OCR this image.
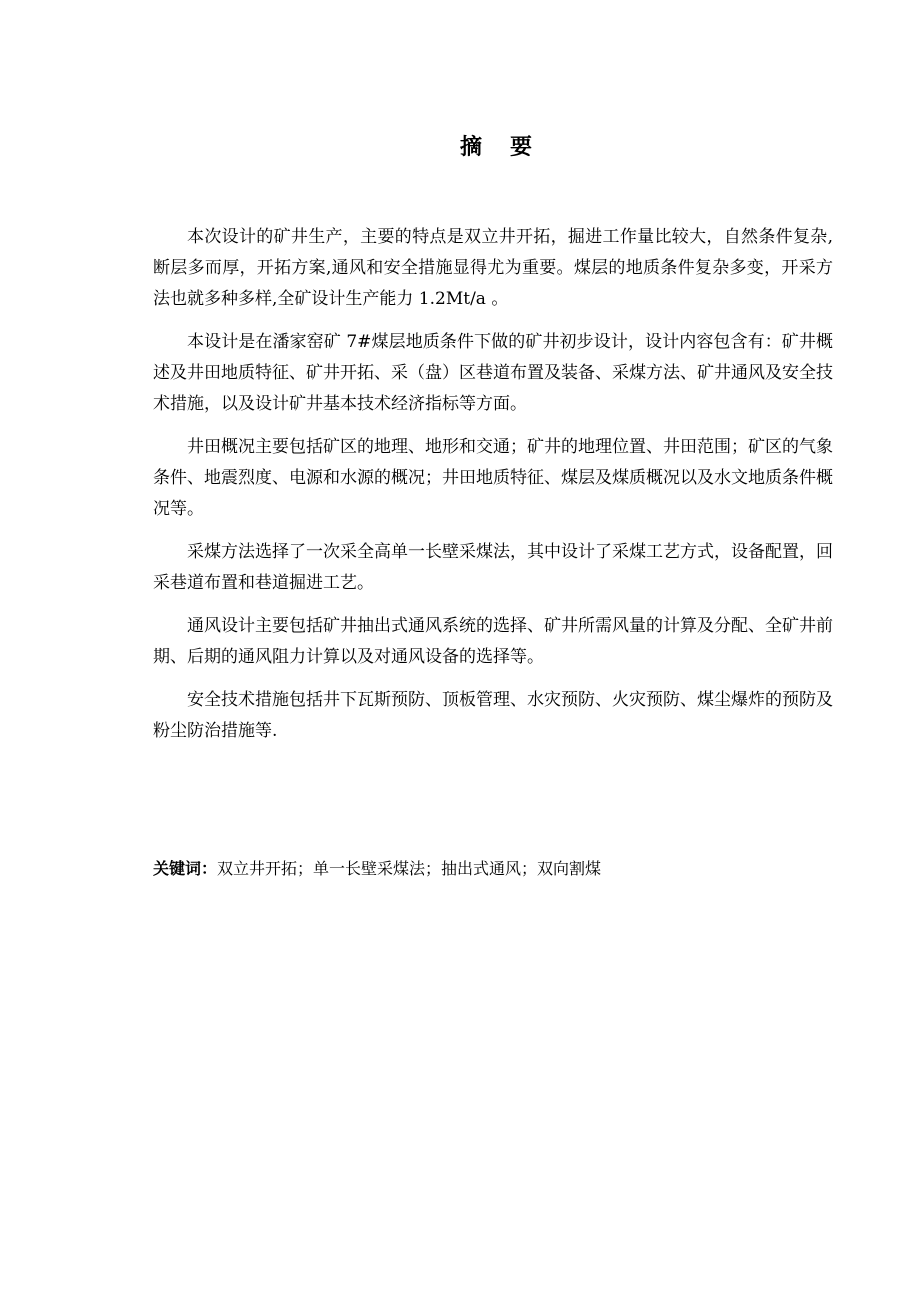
摘要

本次设计的矿井生产，主要的特点是双立井开拓，掘进工作量比较大，自然条件复杂,断层多而厚，开拓方案,通风和安全措施显得尤为重要。煤层的地质条件复杂多变，开采方法也就多种多样,全矿设计生产能力 1.2Mt/a 。

本设计是在潘家窑矿 7#煤层地质条件下做的矿井初步设计，设计内容包含有：矿井概述及井田地质特征、矿井开拓、采（盘）区巷道布置及装备、采煤方法、矿井通风及安全技术措施，以及设计矿井基本技术经济指标等方面。

井田概况主要包括矿区的地理、地形和交通；矿井的地理位置、井田范围；矿区的气象条件、地震烈度、电源和水源的概况；井田地质特征、煤层及煤质概况以及水文地质条件概况等。

采煤方法选择了一次采全高单一长壁采煤法，其中设计了采煤工艺方式，设备配置，回采巷道布置和巷道掘进工艺。

通风设计主要包括矿井抽出式通风系统的选择、矿井所需风量的计算及分配、全矿井前期、后期的通风阻力计算以及对通风设备的选择等。

安全技术措施包括井下瓦斯预防、顶板管理、水灾预防、火灾预防、煤尘爆炸的预防及粉尘防治措施等.

关键词：双立井开拓；单一长壁采煤法；抽出式通风；双向割煤
